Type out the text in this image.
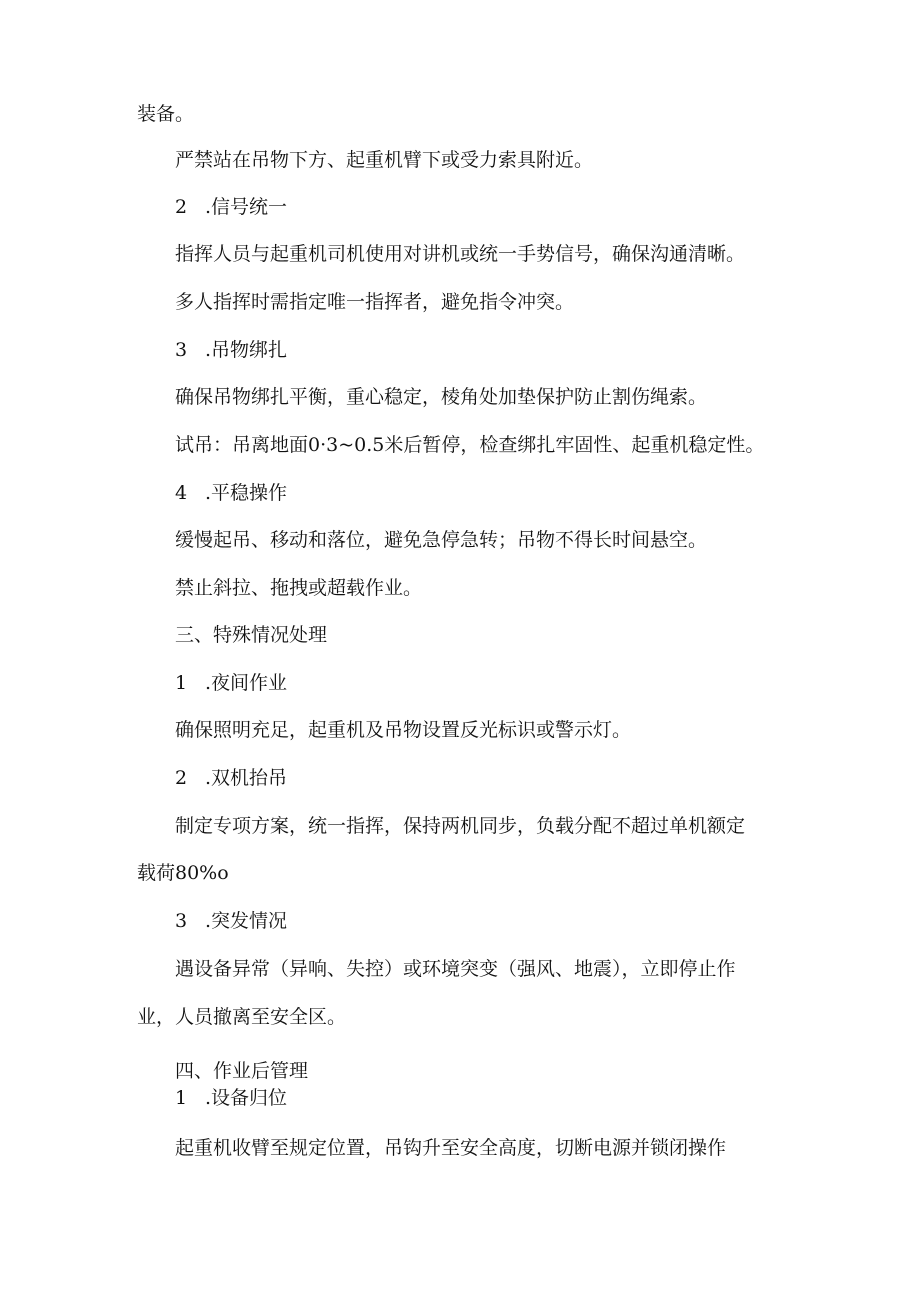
装备。

严禁站在吊物下方、起重机臂下或受力索具附近。

2 .信号统一

指挥人员与起重机司机使用对讲机或统一手势信号，确保沟通清晰。

多人指挥时需指定唯一指挥者，避免指令冲突。

3 .吊物绑扎

确保吊物绑扎平衡，重心稳定，棱角处加垫保护防止割伤绳索。

试吊：吊离地面0·3~0.5米后暂停，检查绑扎牢固性、起重机稳定性。

4 .平稳操作

缓慢起吊、移动和落位，避免急停急转；吊物不得长时间悬空。

禁止斜拉、拖拽或超载作业。

三、特殊情况处理

1 .夜间作业

确保照明充足，起重机及吊物设置反光标识或警示灯。

2 .双机抬吊

制定专项方案，统一指挥，保持两机同步，负载分配不超过单机额定

载荷80%o

3 .突发情况

遇设备异常（异响、失控）或环境突变（强风、地震），立即停止作

业，人员撤离至安全区。

四、作业后管理

1 .设备归位

起重机收臂至规定位置，吊钩升至安全高度，切断电源并锁闭操作
